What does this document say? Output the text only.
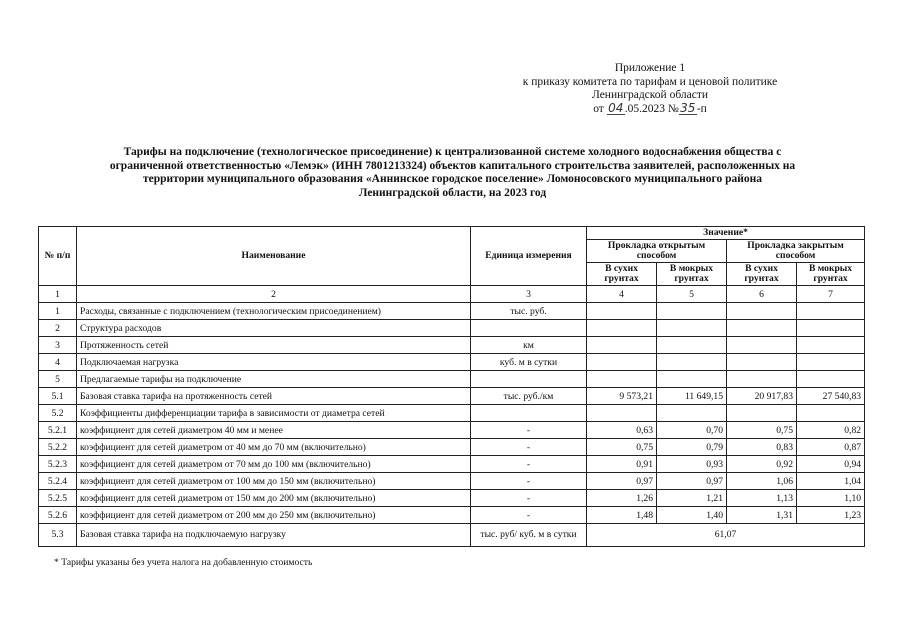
Приложение 1
к приказу комитета по тарифам и ценовой политике
Ленинградской области
от 04.05.2023 №35-п
Тарифы на подключение (технологическое присоединение) к централизованной системе холодного водоснабжения общества с
ограниченной ответственностью «Лемэк» (ИНН 7801213324) объектов капитального строительства заявителей, расположенных на
территории муниципального образования «Аннинское городское поселение» Ломоносовского муниципального района
Ленинградской области, на 2023 год
№ п/п	Наименование	Единица измерения	Значение*			
			Прокладка открытым способом		Прокладка закрытым способом	
			В сухих грунтах	В мокрых грунтах	В сухих грунтах	В мокрых грунтах
1	2	3	4	5	6	7
1	Расходы, связанные с подключением (технологическим присоединением)	тыс. руб.				
2	Структура расходов					
3	Протяженность сетей	км				
4	Подключаемая нагрузка	куб. м в сутки				
5	Предлагаемые тарифы на подключение					
5.1	Базовая ставка тарифа на протяженность сетей	тыс. руб./км	9 573,21	11 649,15	20 917,83	27 540,83
5.2	Коэффициенты дифференциации тарифа в зависимости от диаметра сетей					
5.2.1	коэффициент для сетей диаметром 40 мм и менее	-	0,63	0,70	0,75	0,82
5.2.2	коэффициент для сетей диаметром от 40 мм до 70 мм (включительно)	-	0,75	0,79	0,83	0,87
5.2.3	коэффициент для сетей диаметром от 70 мм до 100 мм (включительно)	-	0,91	0,93	0,92	0,94
5.2.4	коэффициент для сетей диаметром от 100 мм до 150 мм (включительно)	-	0,97	0,97	1,06	1,04
5.2.5	коэффициент для сетей диаметром от 150 мм до 200 мм (включительно)	-	1,26	1,21	1,13	1,10
5.2.6	коэффициент для сетей диаметром от 200 мм до 250 мм (включительно)	-	1,48	1,40	1,31	1,23
5.3	Базовая ставка тарифа на подключаемую нагрузку	тыс. руб/ куб. м в сутки	61,07			
* Тарифы указаны без учета налога на добавленную стоимость
